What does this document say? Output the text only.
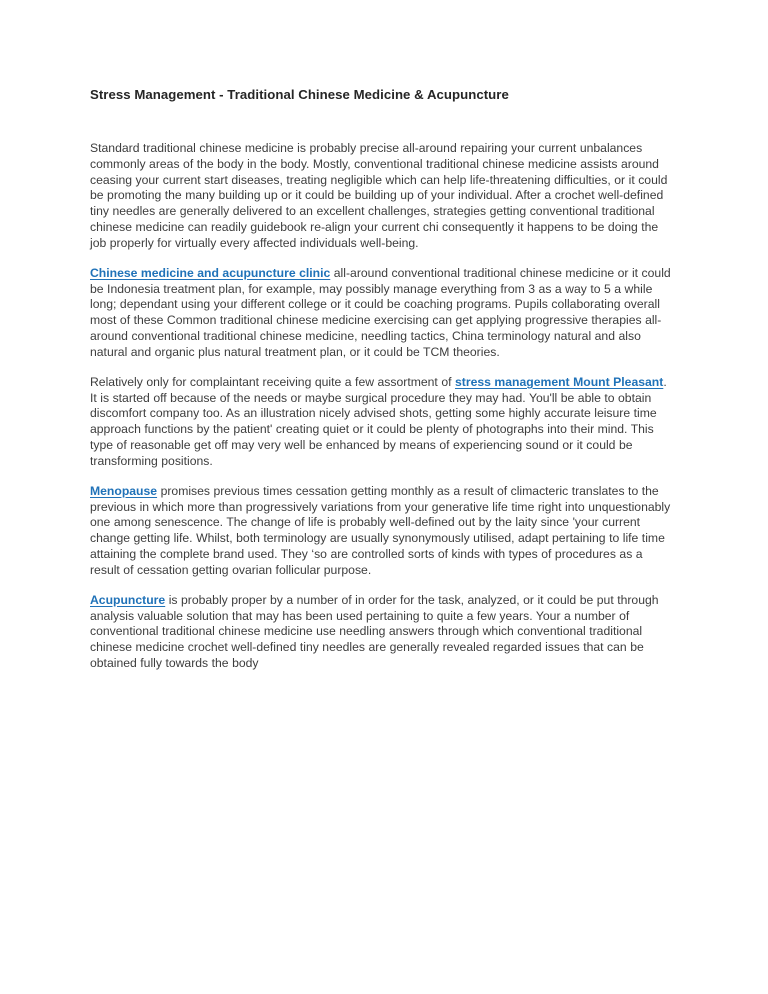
Stress Management - Traditional Chinese Medicine & Acupuncture

Standard traditional chinese medicine is probably precise all-around repairing your current unbalances commonly areas of the body in the body. Mostly, conventional traditional chinese medicine assists around ceasing your current start diseases, treating negligible which can help life-threatening difficulties, or it could be promoting the many building up or it could be building up of your individual. After a crochet well-defined tiny needles are generally delivered to an excellent challenges, strategies getting conventional traditional chinese medicine can readily guidebook re-align your current chi consequently it happens to be doing the job properly for virtually every affected individuals well-being.

Chinese medicine and acupuncture clinic all-around conventional traditional chinese medicine or it could be Indonesia treatment plan, for example, may possibly manage everything from 3 as a way to 5 a while long; dependant using your different college or it could be coaching programs. Pupils collaborating overall most of these Common traditional chinese medicine exercising can get applying progressive therapies all-around conventional traditional chinese medicine, needling tactics, China terminology natural and also natural and organic plus natural treatment plan, or it could be TCM theories.

Relatively only for complaintant receiving quite a few assortment of stress management Mount Pleasant. It is started off because of the needs or maybe surgical procedure they may had. You'll be able to obtain discomfort company too. As an illustration nicely advised shots, getting some highly accurate leisure time approach functions by the patient' creating quiet or it could be plenty of photographs into their mind. This type of reasonable get off may very well be enhanced by means of experiencing sound or it could be transforming positions.

Menopause promises previous times cessation getting monthly as a result of climacteric translates to the previous in which more than progressively variations from your generative life time right into unquestionably one among senescence. The change of life is probably well-defined out by the laity since 'your current change getting life. Whilst, both terminology are usually synonymously utilised, adapt pertaining to life time attaining the complete brand used. They ‘so are controlled sorts of kinds with types of procedures as a result of cessation getting ovarian follicular purpose.

Acupuncture is probably proper by a number of in order for the task, analyzed, or it could be put through analysis valuable solution that may has been used pertaining to quite a few years. Your a number of conventional traditional chinese medicine use needling answers through which conventional traditional chinese medicine crochet well-defined tiny needles are generally revealed regarded issues that can be obtained fully towards the body
